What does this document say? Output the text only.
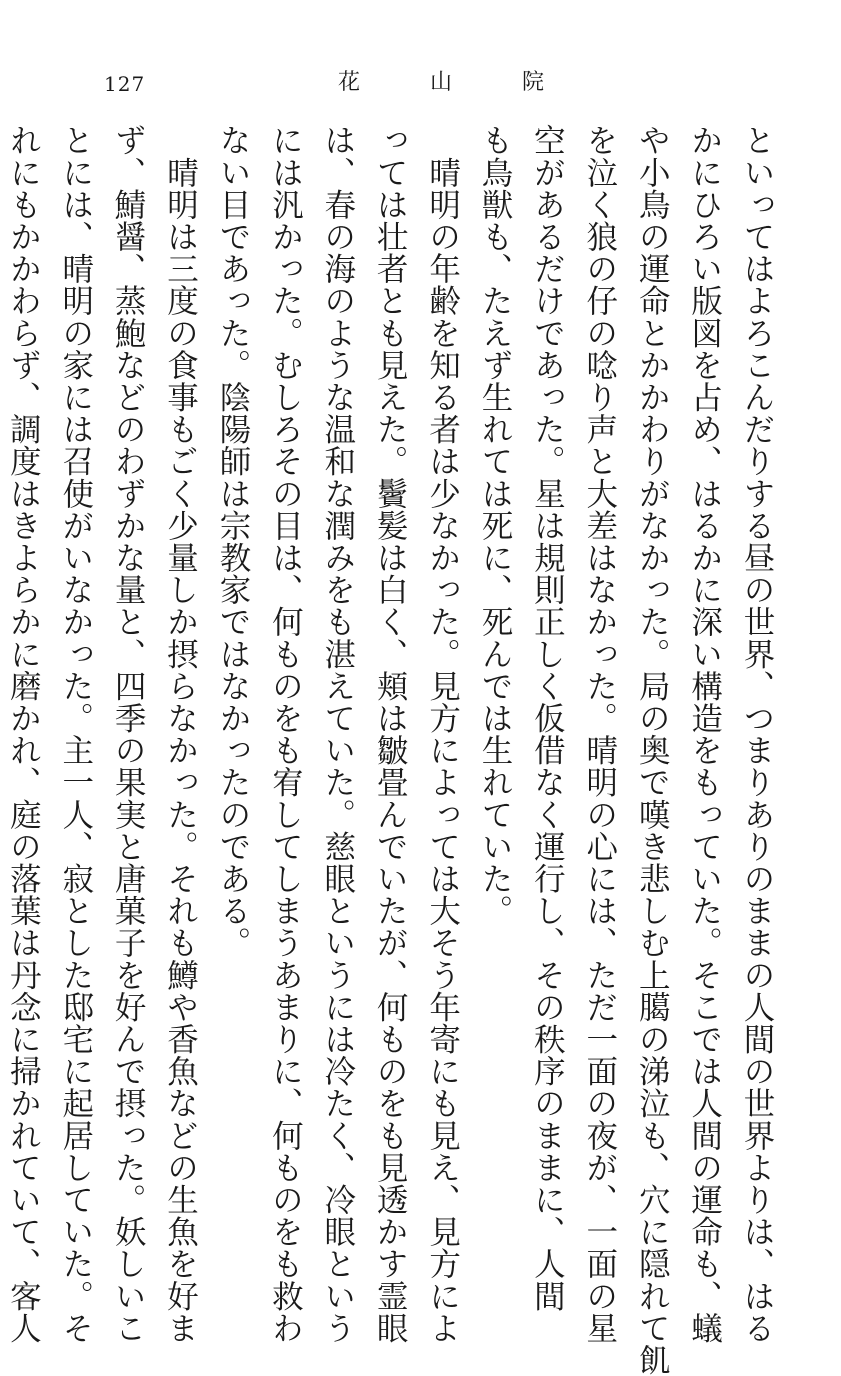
127	花　山　院
といってはよろこんだりする昼の世界、つまりありのままの人間の世界よりは、はる
かにひろい版図を占め、はるかに深い構造をもっていた。そこでは人間の運命も、蟻
や小鳥の運命とかかわりがなかった。局の奥で嘆き悲しむ上臈の涕泣も、穴に隠れて飢
を泣く狼の仔の唸り声と大差はなかった。晴明の心には、ただ一面の夜が、一面の星
空があるだけであった。星は規則正しく仮借なく運行し、その秩序のままに、人間
も鳥獣も、たえず生れては死に、死んでは生れていた。
　晴明の年齢を知る者は少なかった。見方によっては大そう年寄にも見え、見方によ
っては壮者とも見えた。鬢髪は白く、頬は皺畳んでいたが、何ものをも見透かす霊眼
は、春の海のような温和な潤みをも湛えていた。慈眼というには冷たく、冷眼という
には汎かった。むしろその目は、何ものをも宥してしまうあまりに、何ものをも救わ
ない目であった。陰陽師は宗教家ではなかったのである。
　晴明は三度の食事もごく少量しか摂らなかった。それも鱒や香魚などの生魚を好ま
ず、鯖醤、蒸鮑などのわずかな量と、四季の果実と唐菓子を好んで摂った。妖しいこ
とには、晴明の家には召使がいなかった。主一人、寂とした邸宅に起居していた。そ
れにもかかわらず、調度はきよらかに磨かれ、庭の落葉は丹念に掃かれていて、客人
